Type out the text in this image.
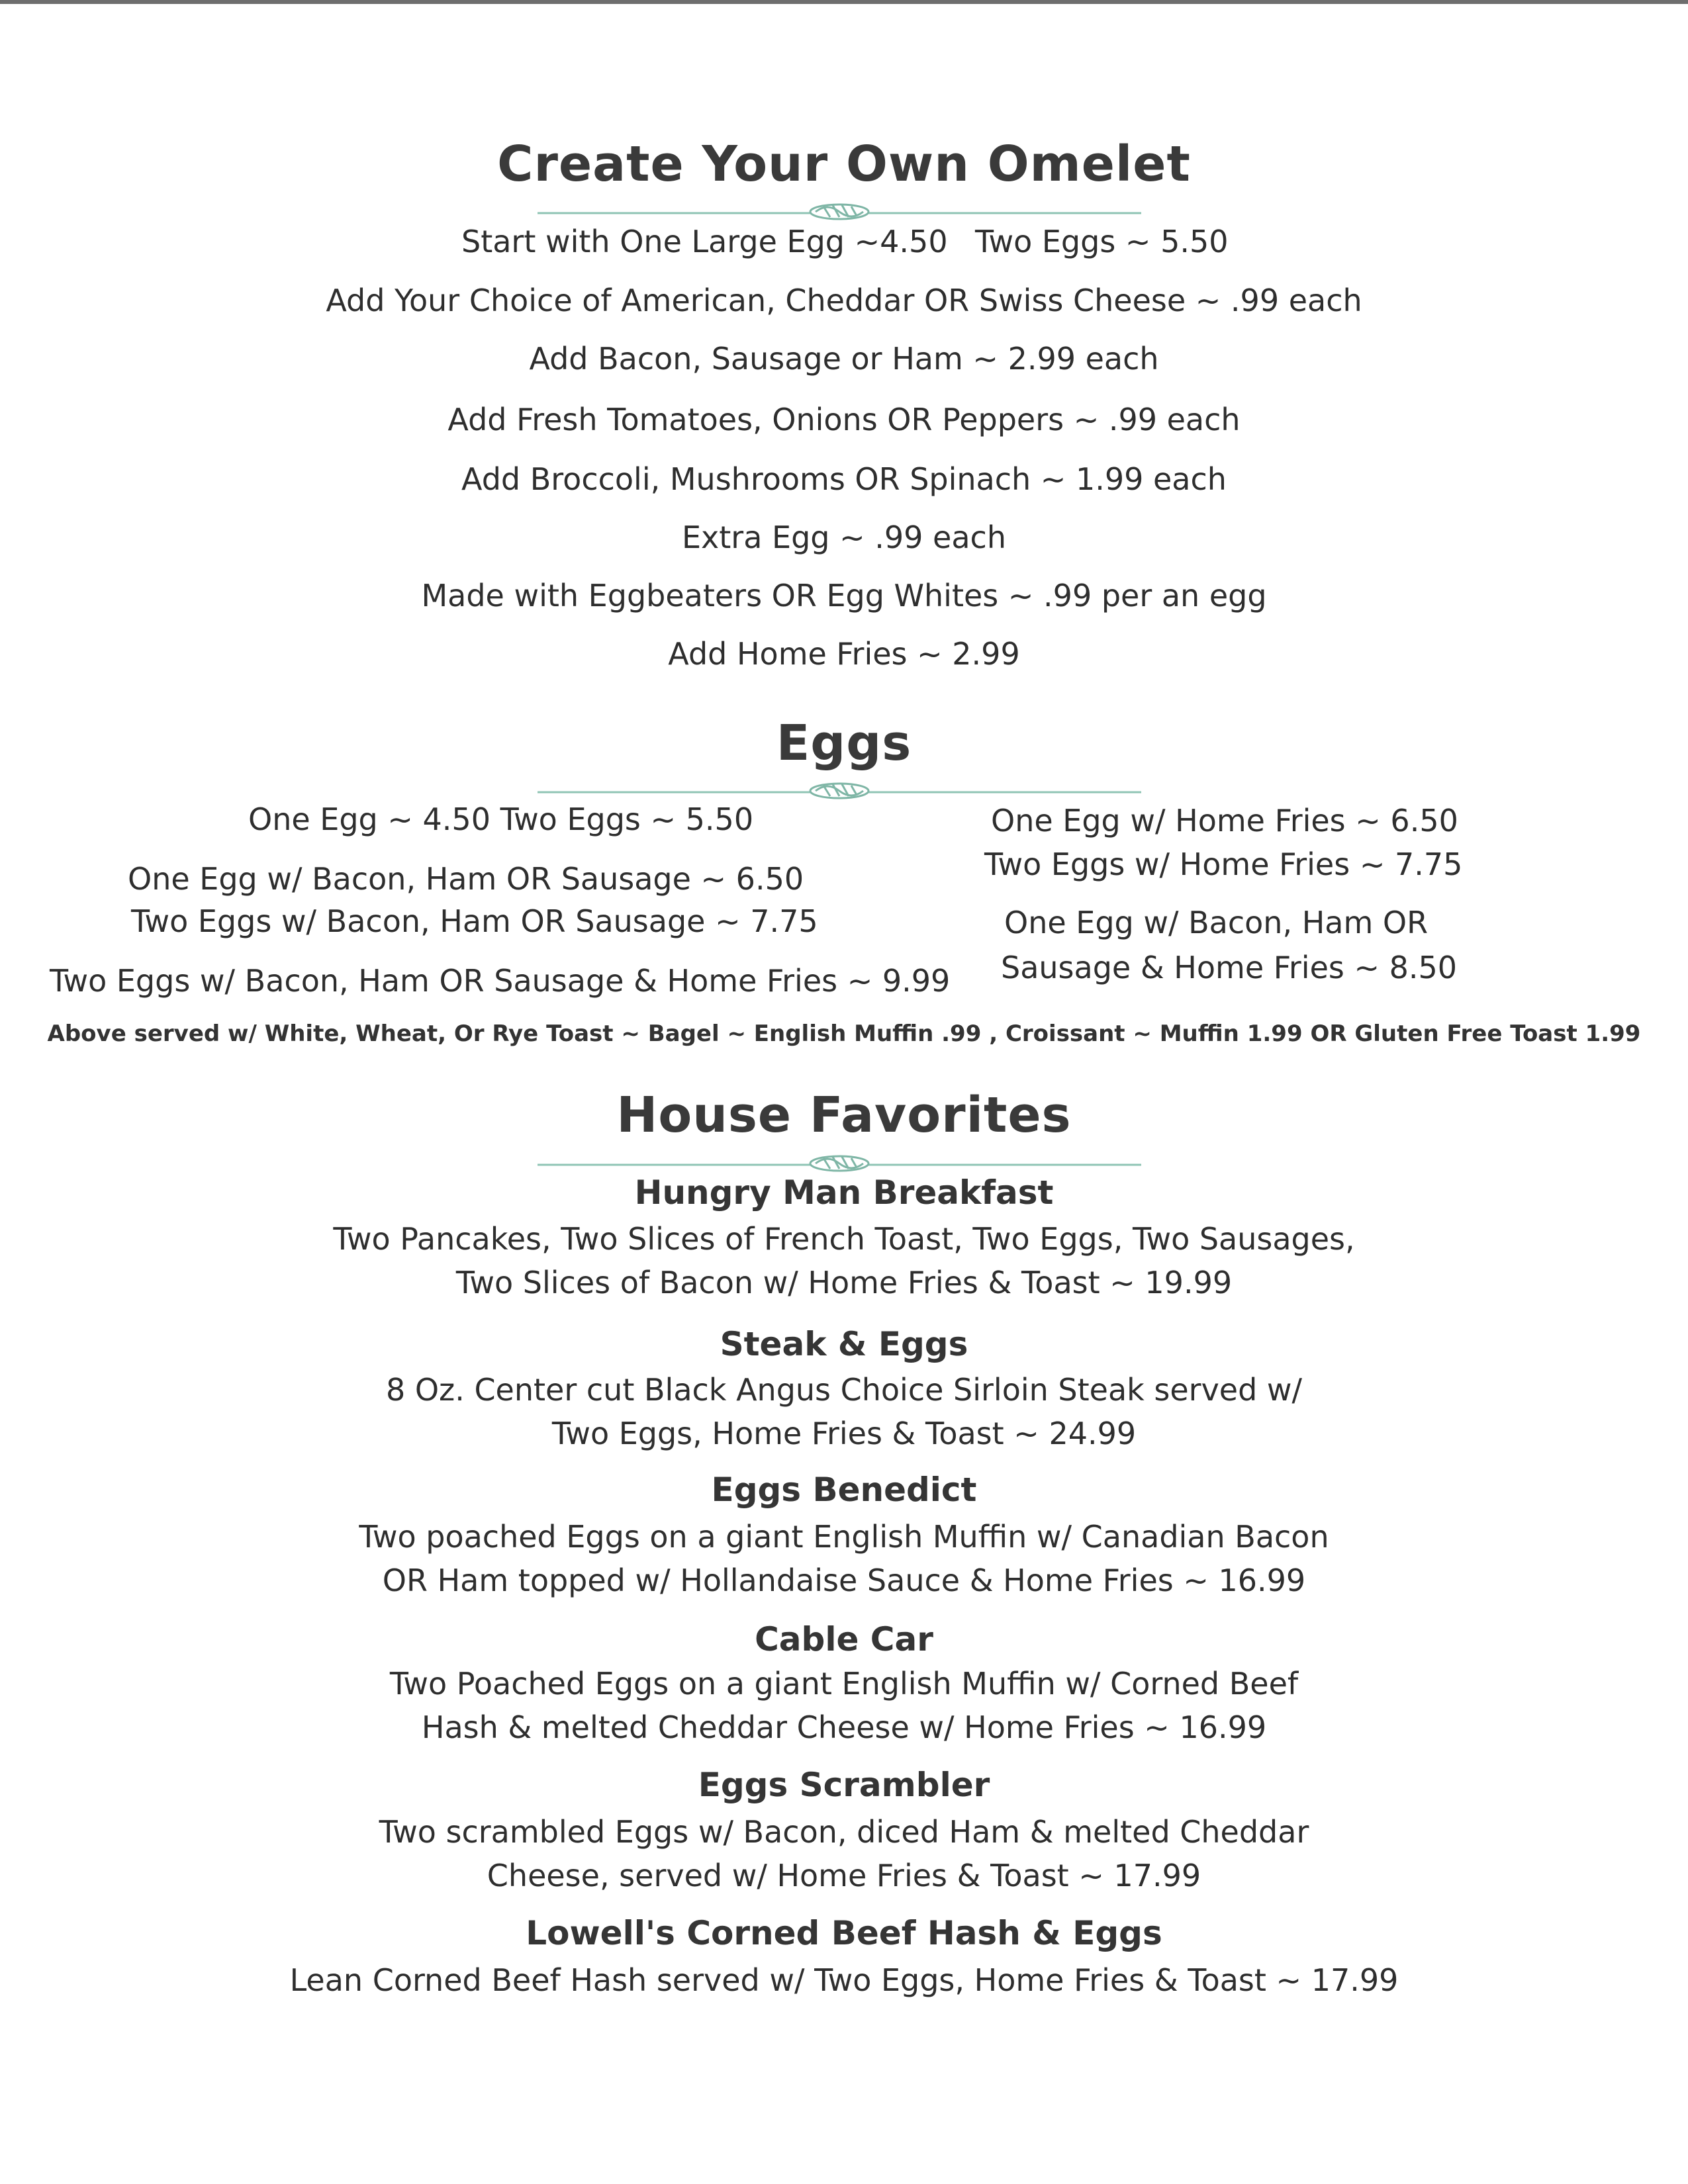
Create Your Own Omelet
Start with One Large Egg ~4.50 Two Eggs ~ 5.50
Add Your Choice of American, Cheddar OR Swiss Cheese ~ .99 each
Add Bacon, Sausage or Ham ~ 2.99 each
Add Fresh Tomatoes, Onions OR Peppers ~ .99 each
Add Broccoli, Mushrooms OR Spinach ~ 1.99 each
Extra Egg ~ .99 each
Made with Eggbeaters OR Egg Whites ~ .99 per an egg
Add Home Fries ~ 2.99
Eggs
One Egg ~ 4.50 Two Eggs ~ 5.50
One Egg w/ Bacon, Ham OR Sausage ~ 6.50
Two Eggs w/ Bacon, Ham OR Sausage ~ 7.75
Two Eggs w/ Bacon, Ham OR Sausage & Home Fries ~ 9.99
One Egg w/ Home Fries ~ 6.50
Two Eggs w/ Home Fries ~ 7.75
One Egg w/ Bacon, Ham OR
Sausage & Home Fries ~ 8.50
Above served w/ White, Wheat, Or Rye Toast ~ Bagel ~ English Muffin .99 , Croissant ~ Muffin 1.99 OR Gluten Free Toast 1.99
House Favorites
Hungry Man Breakfast
Two Pancakes, Two Slices of French Toast, Two Eggs, Two Sausages,
Two Slices of Bacon w/ Home Fries & Toast ~ 19.99
Steak & Eggs
8 Oz. Center cut Black Angus Choice Sirloin Steak served w/
Two Eggs, Home Fries & Toast ~ 24.99
Eggs Benedict
Two poached Eggs on a giant English Muffin w/ Canadian Bacon
OR Ham topped w/ Hollandaise Sauce & Home Fries ~ 16.99
Cable Car
Two Poached Eggs on a giant English Muffin w/ Corned Beef
Hash & melted Cheddar Cheese w/ Home Fries ~ 16.99
Eggs Scrambler
Two scrambled Eggs w/ Bacon, diced Ham & melted Cheddar
Cheese, served w/ Home Fries & Toast ~ 17.99
Lowell's Corned Beef Hash & Eggs
Lean Corned Beef Hash served w/ Two Eggs, Home Fries & Toast ~ 17.99
